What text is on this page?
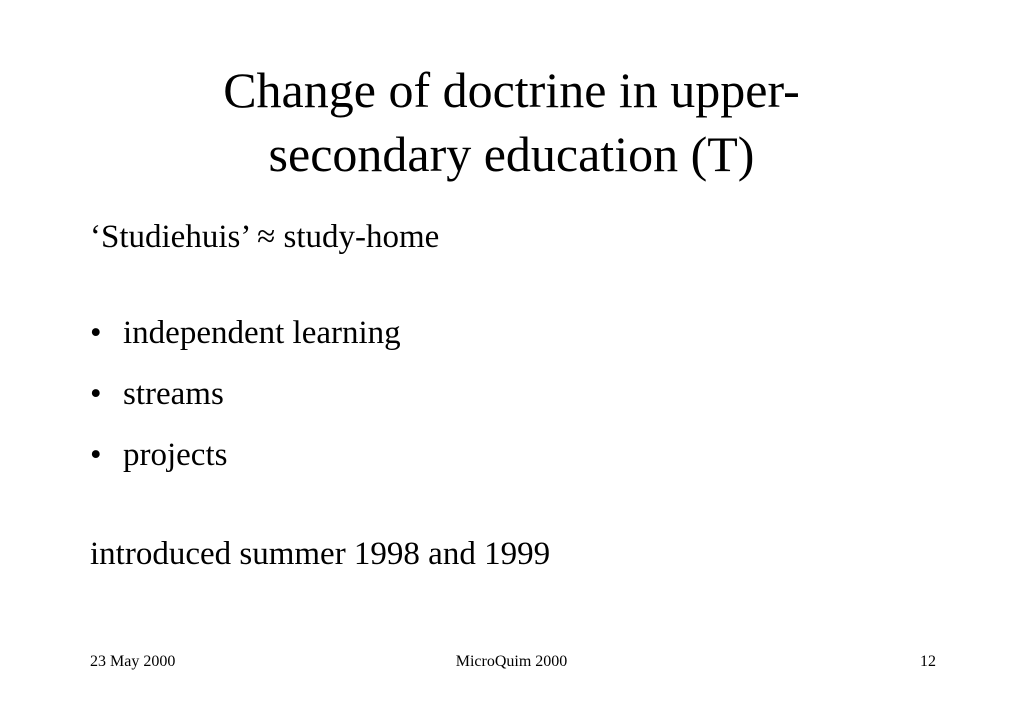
Change of doctrine in upper-
secondary education (T)
‘Studiehuis’ ≈ study-home
• independent learning
• streams
• projects
introduced summer 1998 and 1999
23 May 2000	MicroQuim 2000	12
